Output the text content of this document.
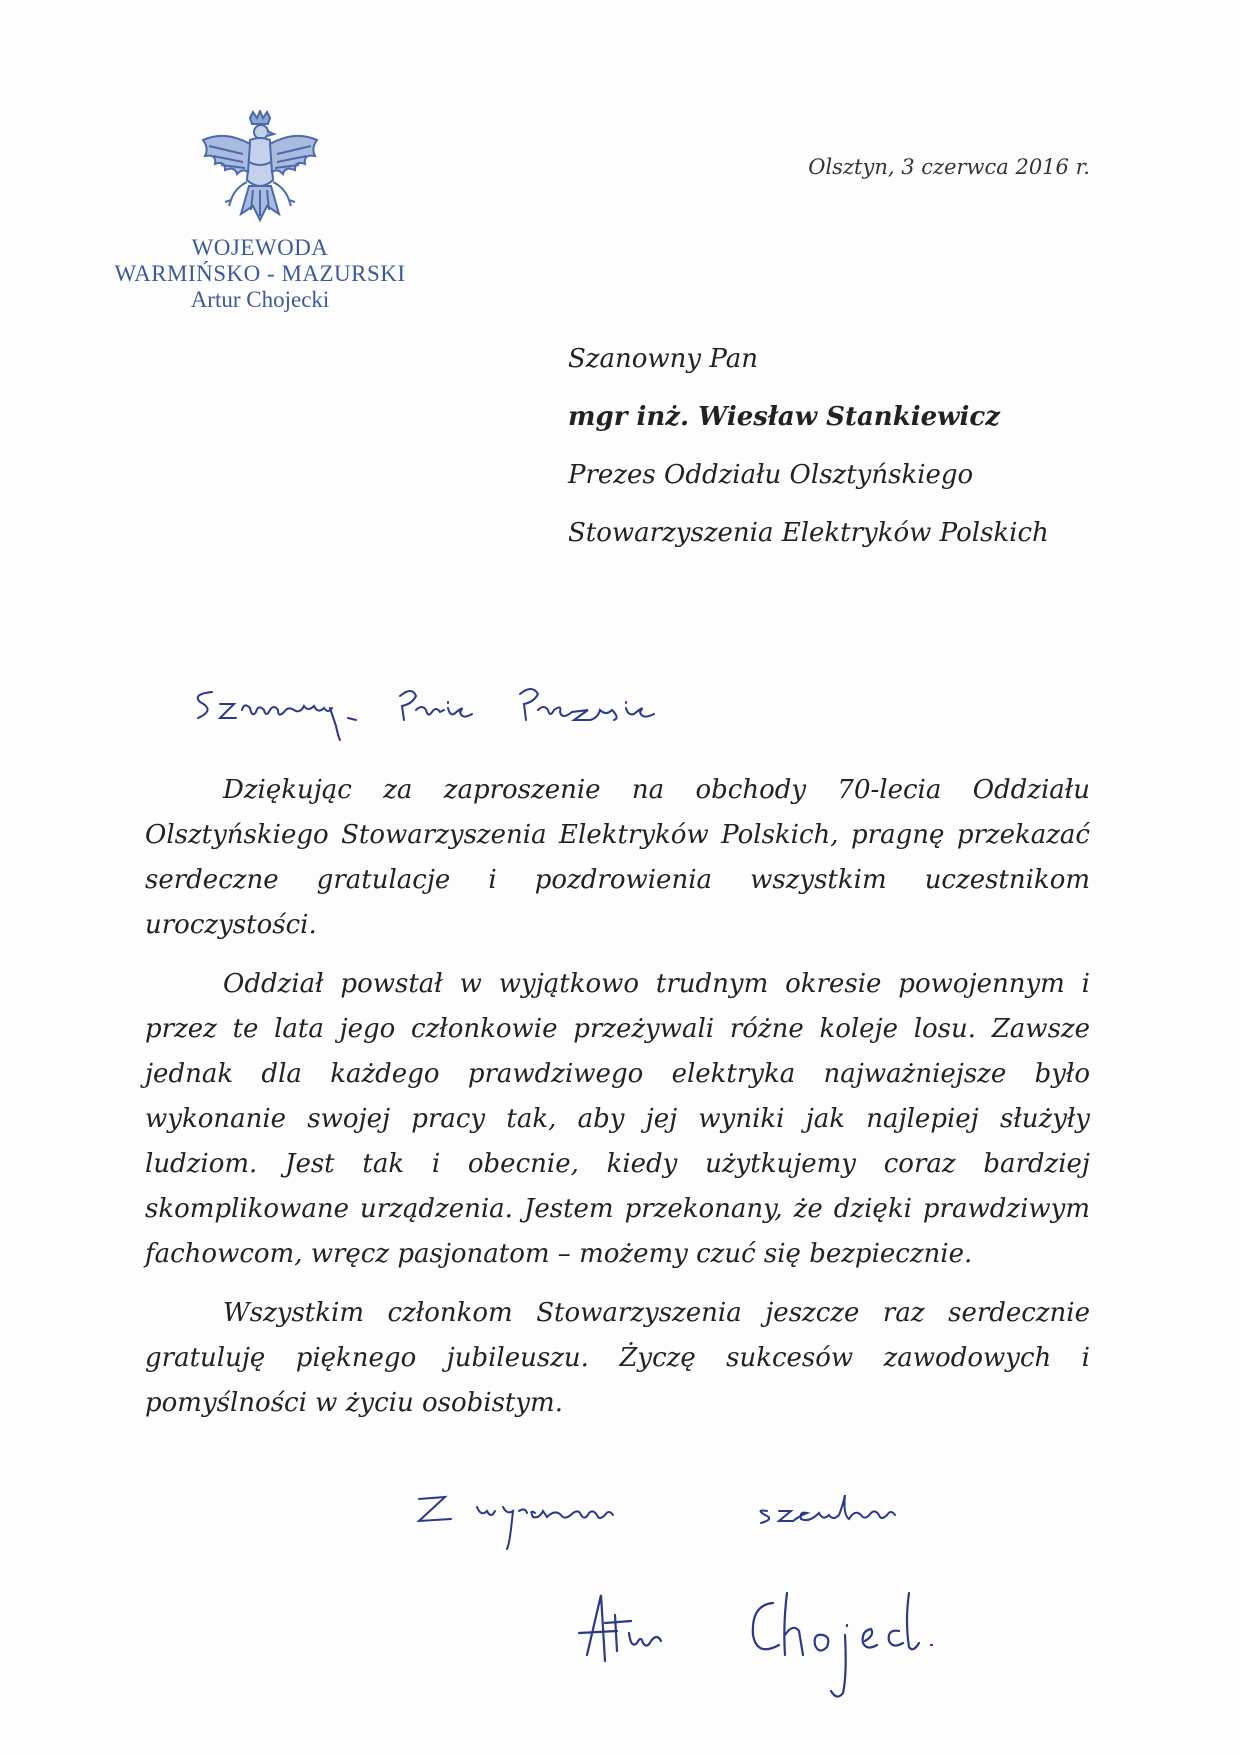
WOJEWODA
WARMIŃSKO - MAZURSKI
Artur Chojecki
Olsztyn, 3 czerwca 2016 r.
Szanowny Pan
mgr inż. Wiesław Stankiewicz
Prezes Oddziału Olsztyńskiego
Stowarzyszenia Elektryków Polskich

Dziękując za zaproszenie na obchody 70-lecia Oddziału Olsztyńskiego Stowarzyszenia Elektryków Polskich, pragnę przekazać serdeczne gratulacje i pozdrowienia wszystkim uczestnikom uroczystości.

Oddział powstał w wyjątkowo trudnym okresie powojennym i przez te lata jego członkowie przeżywali różne koleje losu. Zawsze jednak dla każdego prawdziwego elektryka najważniejsze było wykonanie swojej pracy tak, aby jej wyniki jak najlepiej służyły ludziom. Jest tak i obecnie, kiedy użytkujemy coraz bardziej skomplikowane urządzenia. Jestem przekonany, że dzięki prawdziwym fachowcom, wręcz pasjonatom – możemy czuć się bezpiecznie.

Wszystkim członkom Stowarzyszenia jeszcze raz serdecznie gratuluję pięknego jubileuszu. Życzę sukcesów zawodowych i pomyślności w życiu osobistym.
